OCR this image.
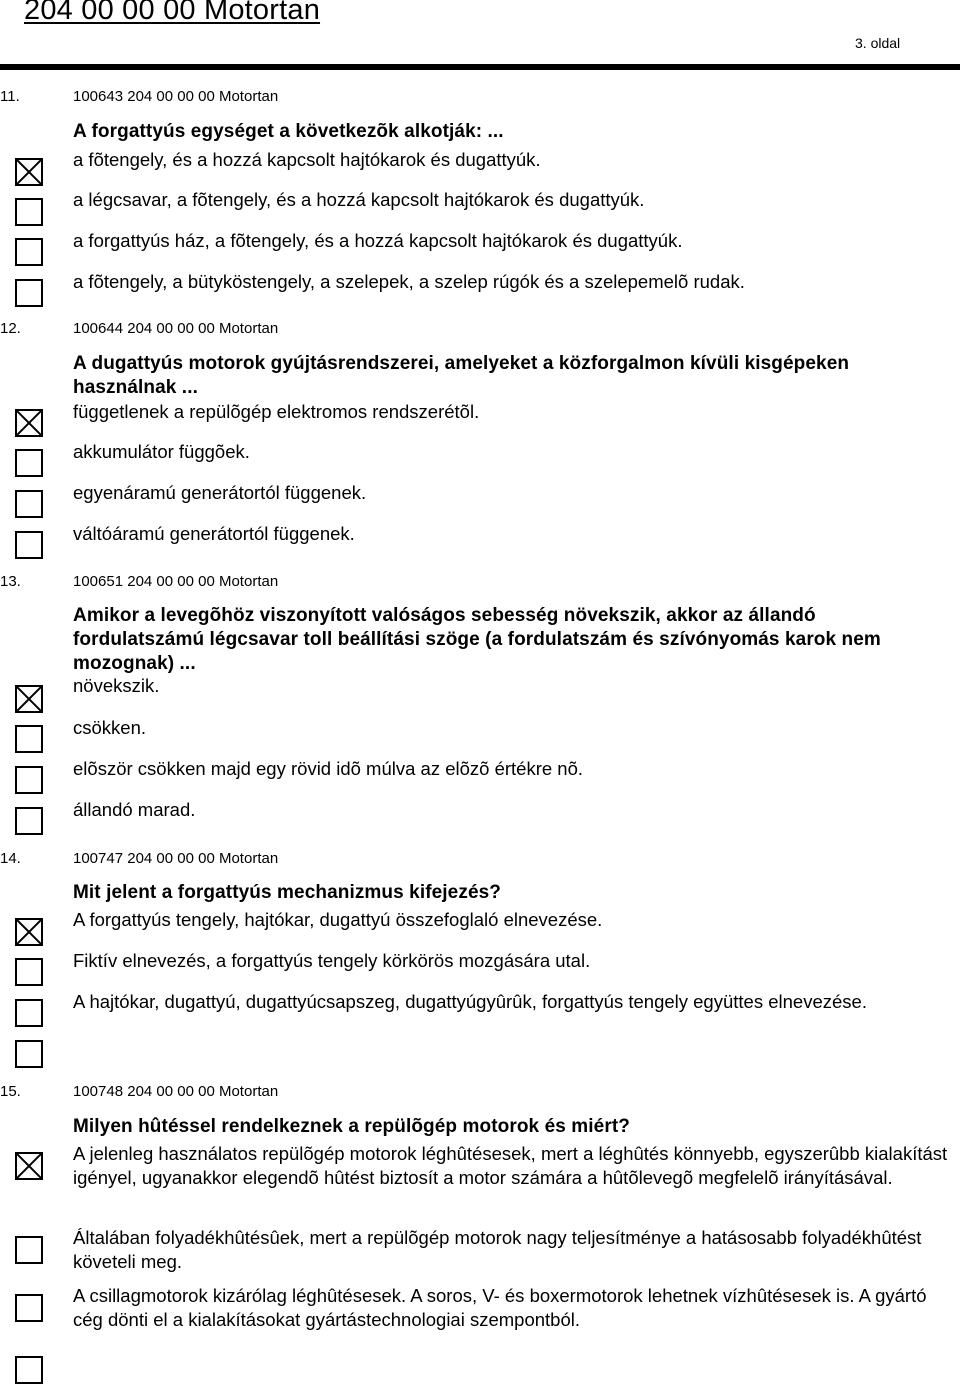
204 00 00 00 Motortan
3. oldal
11.	100643 204 00 00 00 Motortan

A forgattyús egységet a következõk alkotják: ...

a fõtengely, és a hozzá kapcsolt hajtókarok és dugattyúk.
a légcsavar, a fõtengely, és a hozzá kapcsolt hajtókarok és dugattyúk.
a forgattyús ház, a fõtengely, és a hozzá kapcsolt hajtókarok és dugattyúk.
a fõtengely, a bütyköstengely, a szelepek, a szelep rúgók és a szelepemelõ rudak.
12.	100644 204 00 00 00 Motortan

A dugattyús motorok gyújtásrendszerei, amelyeket a közforgalmon kívüli kisgépeken használnak ...

függetlenek a repülõgép elektromos rendszerétõl.
akkumulátor függõek.
egyenáramú generátortól függenek.
váltóáramú generátortól függenek.
13.	100651 204 00 00 00 Motortan

Amikor a levegõhöz viszonyított valóságos sebesség növekszik, akkor az állandó fordulatszámú légcsavar toll beállítási szöge (a fordulatszám és szívónyomás karok nem mozognak) ...

növekszik.
csökken.
elõször csökken majd egy rövid idõ múlva az elõzõ értékre nõ.
állandó marad.
14.	100747 204 00 00 00 Motortan

Mit jelent a forgattyús mechanizmus kifejezés?

A forgattyús tengely, hajtókar, dugattyú összefoglaló elnevezése.
Fiktív elnevezés, a forgattyús tengely körkörös mozgására utal.
A hajtókar, dugattyú, dugattyúcsapszeg, dugattyúgyûrûk, forgattyús tengely együttes elnevezése.
15.	100748 204 00 00 00 Motortan

Milyen hûtéssel rendelkeznek a repülõgép motorok és miért?

A jelenleg használatos repülõgép motorok léghûtésesek, mert a léghûtés könnyebb, egyszerûbb kialakítást igényel, ugyanakkor elegendõ hûtést biztosít a motor számára a hûtõlevegõ megfelelõ irányításával.
Általában folyadékhûtésûek, mert a repülõgép motorok nagy teljesítménye a hatásosabb folyadékhûtést követeli meg.
A csillagmotorok kizárólag léghûtésesek. A soros, V- és boxermotorok lehetnek vízhûtésesek is. A gyártó cég dönti el a kialakításokat gyártástechnologiai szempontból.
